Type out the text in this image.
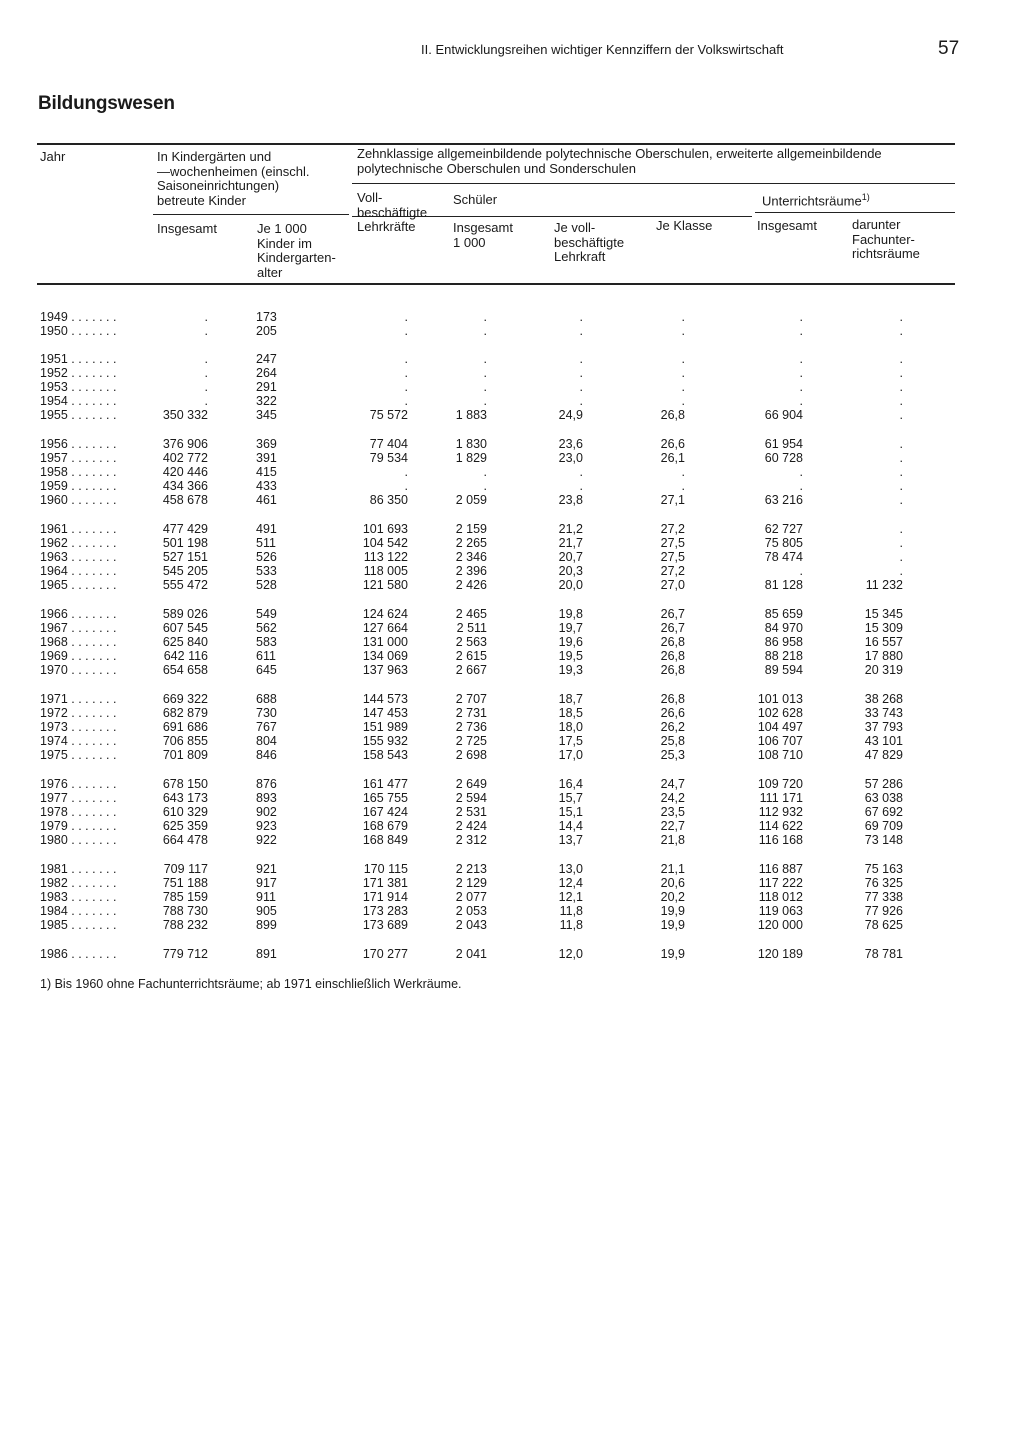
II. Entwicklungsreihen wichtiger Kennziffern der Volkswirtschaft	57
Bildungswesen
Jahr	In Kindergärten und
—wochenheimen (einschl.
Saisoneinrichtungen)
betreute Kinder
Insgesamt	Je 1 000
Kinder im
Kindergarten-
alter
Zehnklassige allgemeinbildende polytechnische Oberschulen, erweiterte allgemeinbildende
polytechnische Oberschulen und Sonderschulen
Voll-
beschäftigte
Lehrkräfte
Schüler
Insgesamt
1 000
Je voll-
beschäftigte
Lehrkraft
Je Klasse
Unterrichtsräume$^{1)}$
Insgesamt	darunter
Fachunter-
richtsräume
1949 . . . . . . .	.	173	.	.	.	.	.	.
1950 . . . . . . .	.	205	.	.	.	.	.	.
1951 . . . . . . .	.	247	.	.	.	.	.	.
1952 . . . . . . .	.	264	.	.	.	.	.	.
1953 . . . . . . .	.	291	.	.	.	.	.	.
1954 . . . . . . .	.	322	.	.	.	.	.	.
1955 . . . . . . .	350 332	345	75 572	1 883	24,9	26,8	66 904	.
1956 . . . . . . .	376 906	369	77 404	1 830	23,6	26,6	61 954	.
1957 . . . . . . .	402 772	391	79 534	1 829	23,0	26,1	60 728	.
1958 . . . . . . .	420 446	415	.	.	.	.	.	.
1959 . . . . . . .	434 366	433	.	.	.	.	.	.
1960 . . . . . . .	458 678	461	86 350	2 059	23,8	27,1	63 216	.
1961 . . . . . . .	477 429	491	101 693	2 159	21,2	27,2	62 727	.
1962 . . . . . . .	501 198	511	104 542	2 265	21,7	27,5	75 805	.
1963 . . . . . . .	527 151	526	113 122	2 346	20,7	27,5	78 474	.
1964 . . . . . . .	545 205	533	118 005	2 396	20,3	27,2	.	.
1965 . . . . . . .	555 472	528	121 580	2 426	20,0	27,0	81 128	11 232
1966 . . . . . . .	589 026	549	124 624	2 465	19,8	26,7	85 659	15 345
1967 . . . . . . .	607 545	562	127 664	2 511	19,7	26,7	84 970	15 309
1968 . . . . . . .	625 840	583	131 000	2 563	19,6	26,8	86 958	16 557
1969 . . . . . . .	642 116	611	134 069	2 615	19,5	26,8	88 218	17 880
1970 . . . . . . .	654 658	645	137 963	2 667	19,3	26,8	89 594	20 319
1971 . . . . . . .	669 322	688	144 573	2 707	18,7	26,8	101 013	38 268
1972 . . . . . . .	682 879	730	147 453	2 731	18,5	26,6	102 628	33 743
1973 . . . . . . .	691 686	767	151 989	2 736	18,0	26,2	104 497	37 793
1974 . . . . . . .	706 855	804	155 932	2 725	17,5	25,8	106 707	43 101
1975 . . . . . . .	701 809	846	158 543	2 698	17,0	25,3	108 710	47 829
1976 . . . . . . .	678 150	876	161 477	2 649	16,4	24,7	109 720	57 286
1977 . . . . . . .	643 173	893	165 755	2 594	15,7	24,2	111 171	63 038
1978 . . . . . . .	610 329	902	167 424	2 531	15,1	23,5	112 932	67 692
1979 . . . . . . .	625 359	923	168 679	2 424	14,4	22,7	114 622	69 709
1980 . . . . . . .	664 478	922	168 849	2 312	13,7	21,8	116 168	73 148
1981 . . . . . . .	709 117	921	170 115	2 213	13,0	21,1	116 887	75 163
1982 . . . . . . .	751 188	917	171 381	2 129	12,4	20,6	117 222	76 325
1983 . . . . . . .	785 159	911	171 914	2 077	12,1	20,2	118 012	77 338
1984 . . . . . . .	788 730	905	173 283	2 053	11,8	19,9	119 063	77 926
1985 . . . . . . .	788 232	899	173 689	2 043	11,8	19,9	120 000	78 625
1986 . . . . . . .	779 712	891	170 277	2 041	12,0	19,9	120 189	78 781
1) Bis 1960 ohne Fachunterrichtsräume; ab 1971 einschließlich Werkräume.
